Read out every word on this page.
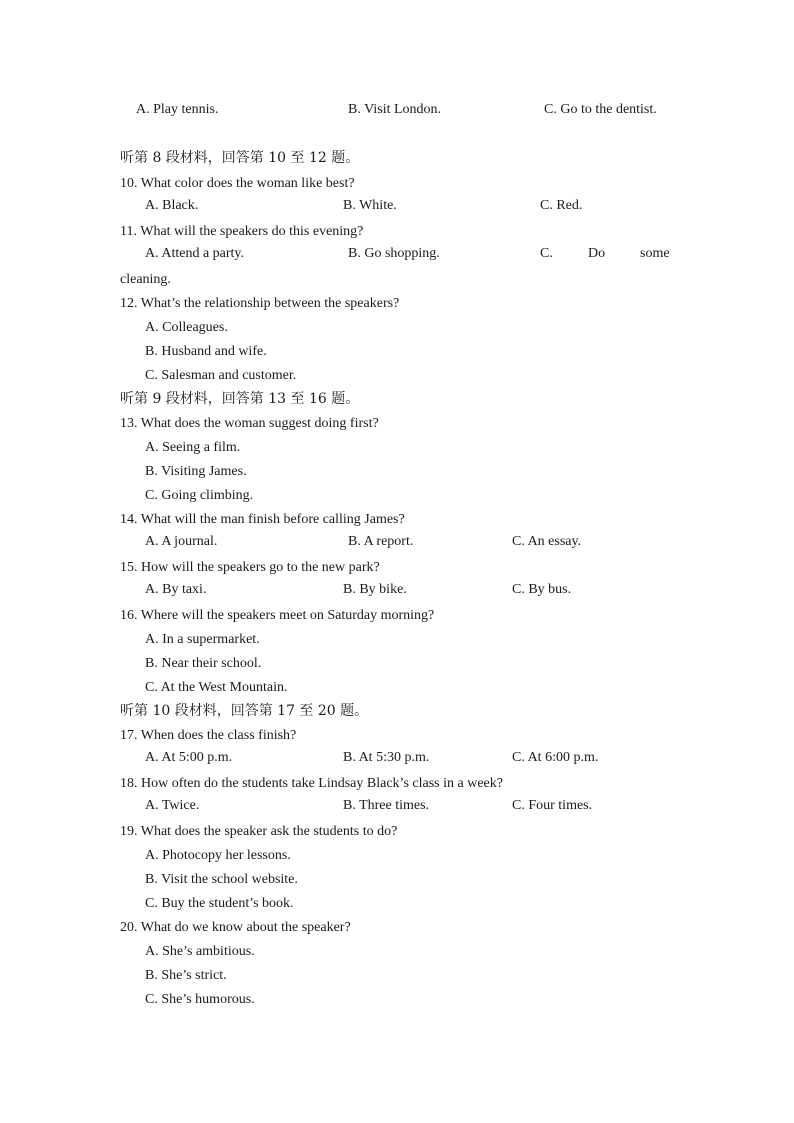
A. Play tennis.	B. Visit London.	C. Go to the dentist.
听第 8 段材料，回答第 10 至 12 题。
10. What color does the woman like best?
A. Black.	B. White.	C. Red.
11. What will the speakers do this evening?
A. Attend a party.	B. Go shopping.	C.	Do some
cleaning.
12. What’s the relationship between the speakers?
A. Colleagues.
B. Husband and wife.
C. Salesman and customer.
听第 9 段材料，回答第 13 至 16 题。
13. What does the woman suggest doing first?
A. Seeing a film.
B. Visiting James.
C. Going climbing.
14. What will the man finish before calling James?
A. A journal.	B. A report.	C. An essay.
15. How will the speakers go to the new park?
A. By taxi.	B. By bike.	C. By bus.
16. Where will the speakers meet on Saturday morning?
A. In a supermarket.
B. Near their school.
C. At the West Mountain.
听第 10 段材料，回答第 17 至 20 题。
17. When does the class finish?
A. At 5:00 p.m.	B. At 5:30 p.m.	C. At 6:00 p.m.
18. How often do the students take Lindsay Black’s class in a week?
A. Twice.	B. Three times.	C. Four times.
19. What does the speaker ask the students to do?
A. Photocopy her lessons.
B. Visit the school website.
C. Buy the student’s book.
20. What do we know about the speaker?
A. She’s ambitious.
B. She’s strict.
C. She’s humorous.
